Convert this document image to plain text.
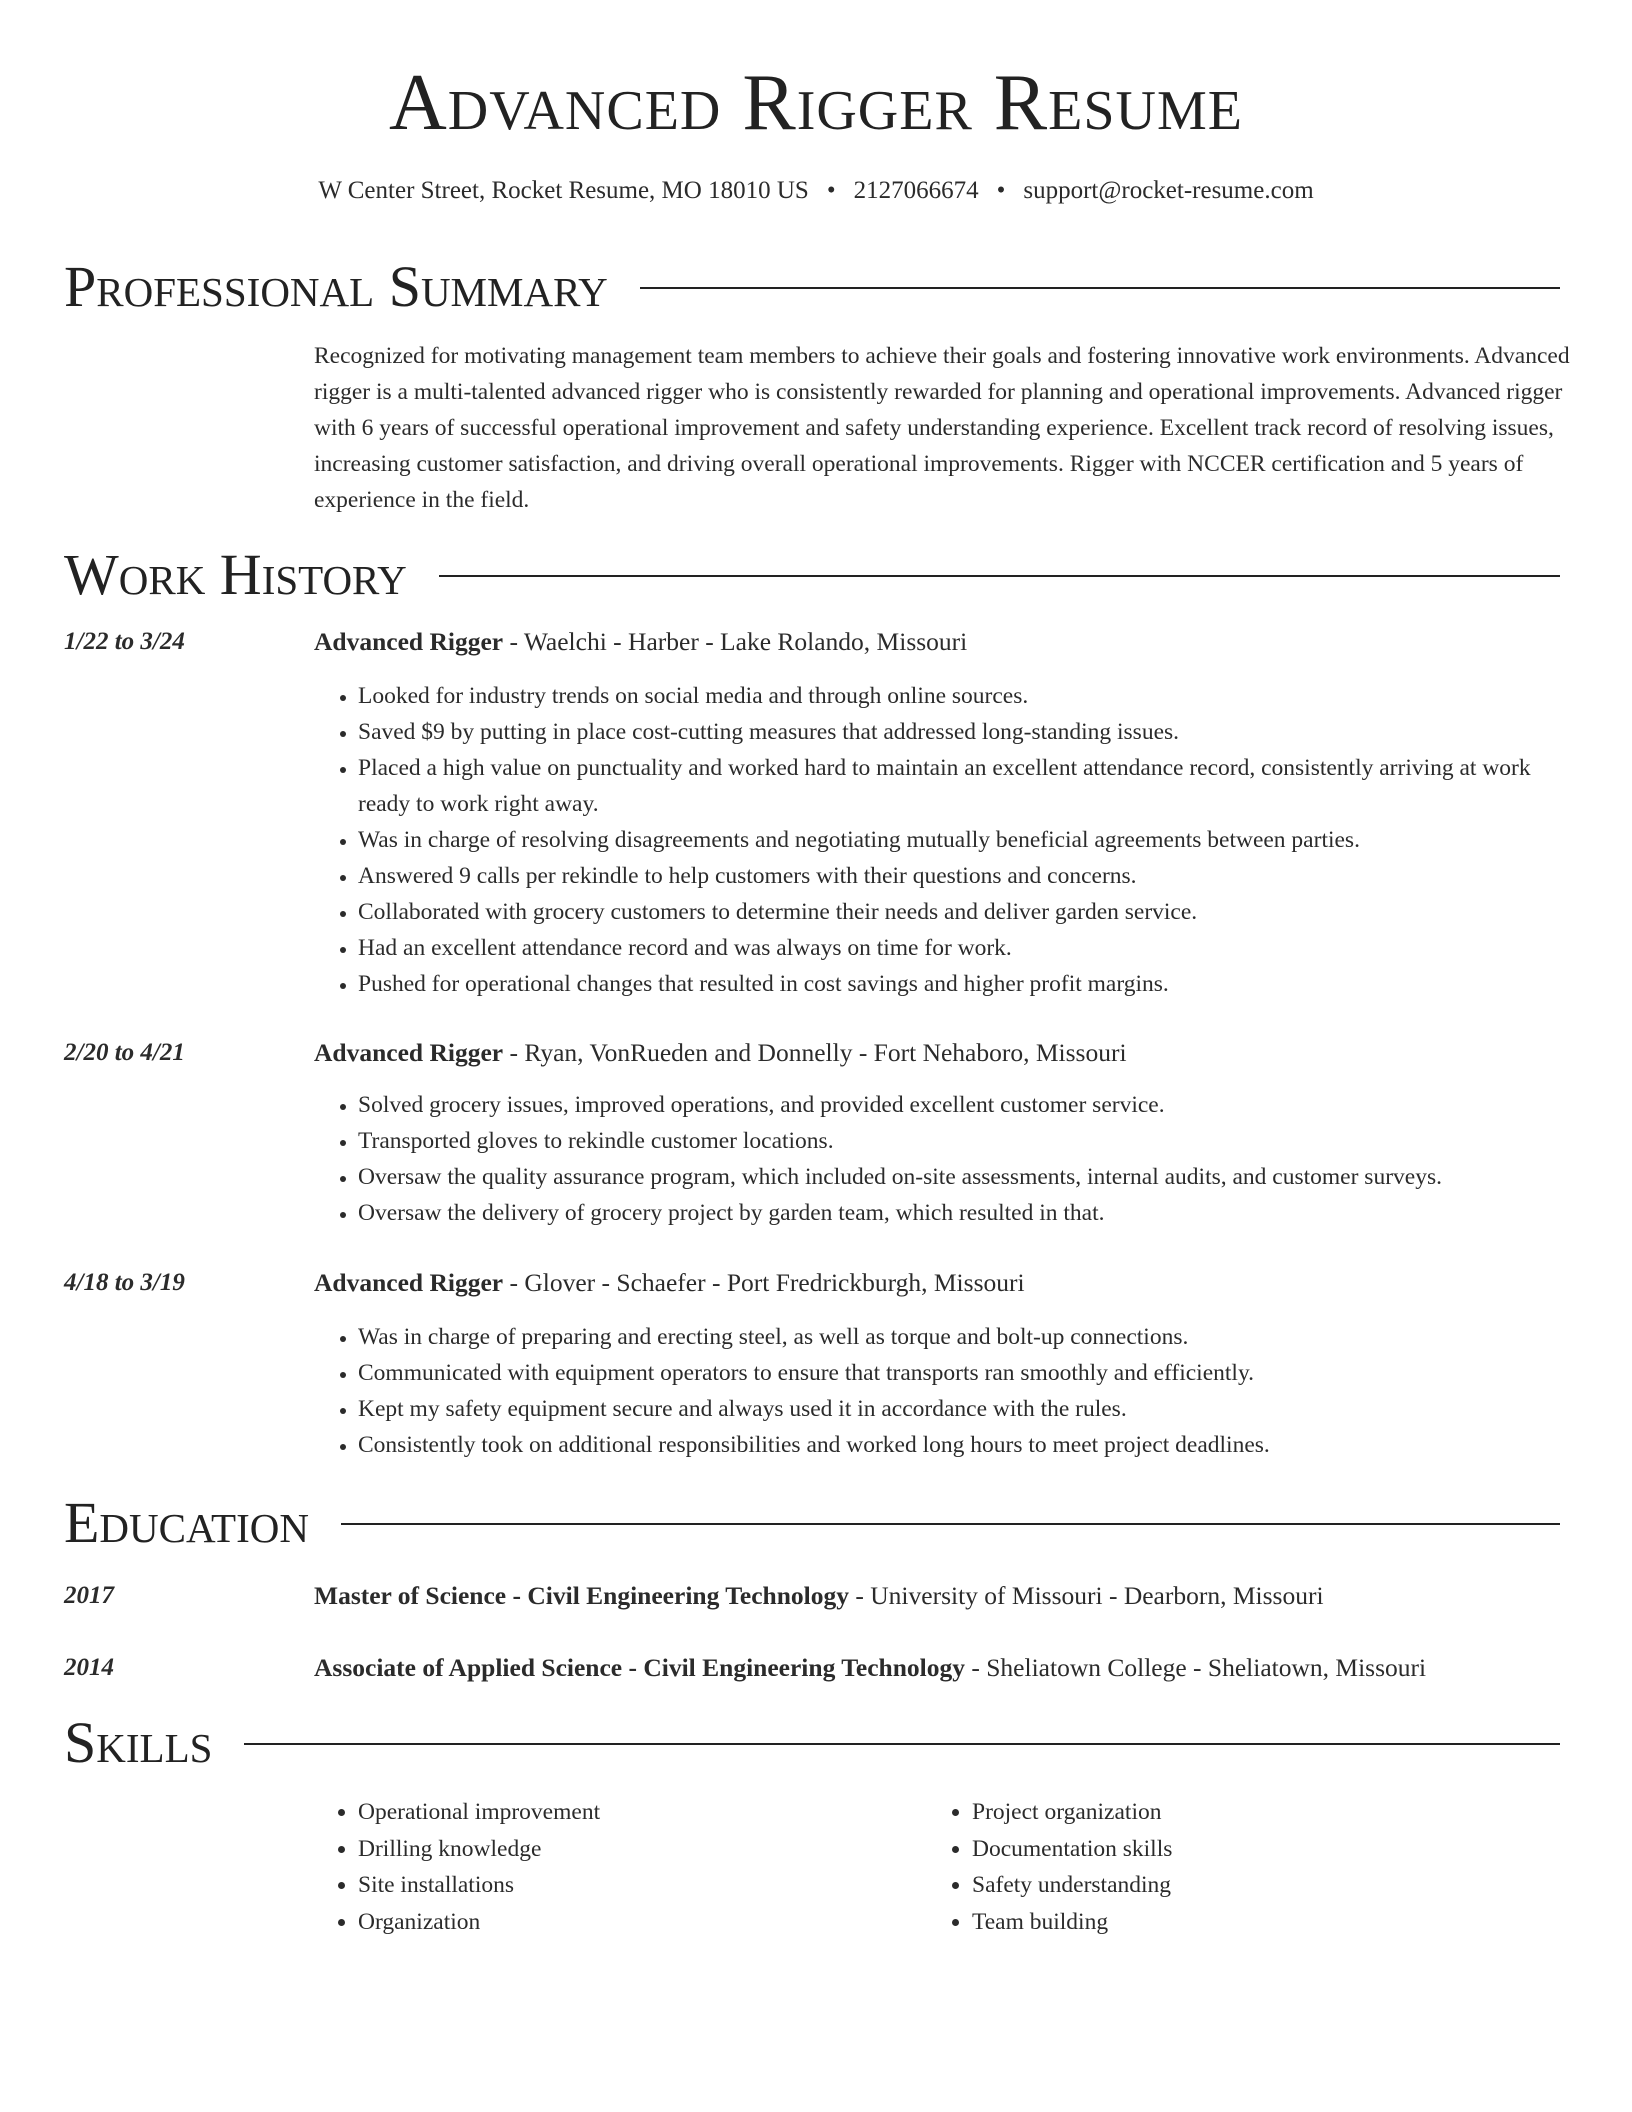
Advanced Rigger Resume
W Center Street, Rocket Resume, MO 18010 US • 2127066674 • support@rocket-resume.com
Professional Summary

Recognized for motivating management team members to achieve their goals and fostering innovative work environments. Advanced rigger is a multi-talented advanced rigger who is consistently rewarded for planning and operational improvements. Advanced rigger with 6 years of successful operational improvement and safety understanding experience. Excellent track record of resolving issues, increasing customer satisfaction, and driving overall operational improvements. Rigger with NCCER certification and 5 years of experience in the field.

Work History
1/22 to 3/24	Advanced Rigger - Waelchi - Harber - Lake Rolando, Missouri
• Looked for industry trends on social media and through online sources.
• Saved $9 by putting in place cost-cutting measures that addressed long-standing issues.
• Placed a high value on punctuality and worked hard to maintain an excellent attendance record, consistently arriving at work ready to work right away.
• Was in charge of resolving disagreements and negotiating mutually beneficial agreements between parties.
• Answered 9 calls per rekindle to help customers with their questions and concerns.
• Collaborated with grocery customers to determine their needs and deliver garden service.
• Had an excellent attendance record and was always on time for work.
• Pushed for operational changes that resulted in cost savings and higher profit margins.
2/20 to 4/21	Advanced Rigger - Ryan, VonRueden and Donnelly - Fort Nehaboro, Missouri
• Solved grocery issues, improved operations, and provided excellent customer service.
• Transported gloves to rekindle customer locations.
• Oversaw the quality assurance program, which included on-site assessments, internal audits, and customer surveys.
• Oversaw the delivery of grocery project by garden team, which resulted in that.
4/18 to 3/19	Advanced Rigger - Glover - Schaefer - Port Fredrickburgh, Missouri
• Was in charge of preparing and erecting steel, as well as torque and bolt-up connections.
• Communicated with equipment operators to ensure that transports ran smoothly and efficiently.
• Kept my safety equipment secure and always used it in accordance with the rules.
• Consistently took on additional responsibilities and worked long hours to meet project deadlines.
Education
2017	Master of Science - Civil Engineering Technology - University of Missouri - Dearborn, Missouri
2014	Associate of Applied Science - Civil Engineering Technology - Sheliatown College - Sheliatown, Missouri
Skills
• Operational improvement
• Drilling knowledge
• Site installations
• Organization
• Project organization
• Documentation skills
• Safety understanding
• Team building
